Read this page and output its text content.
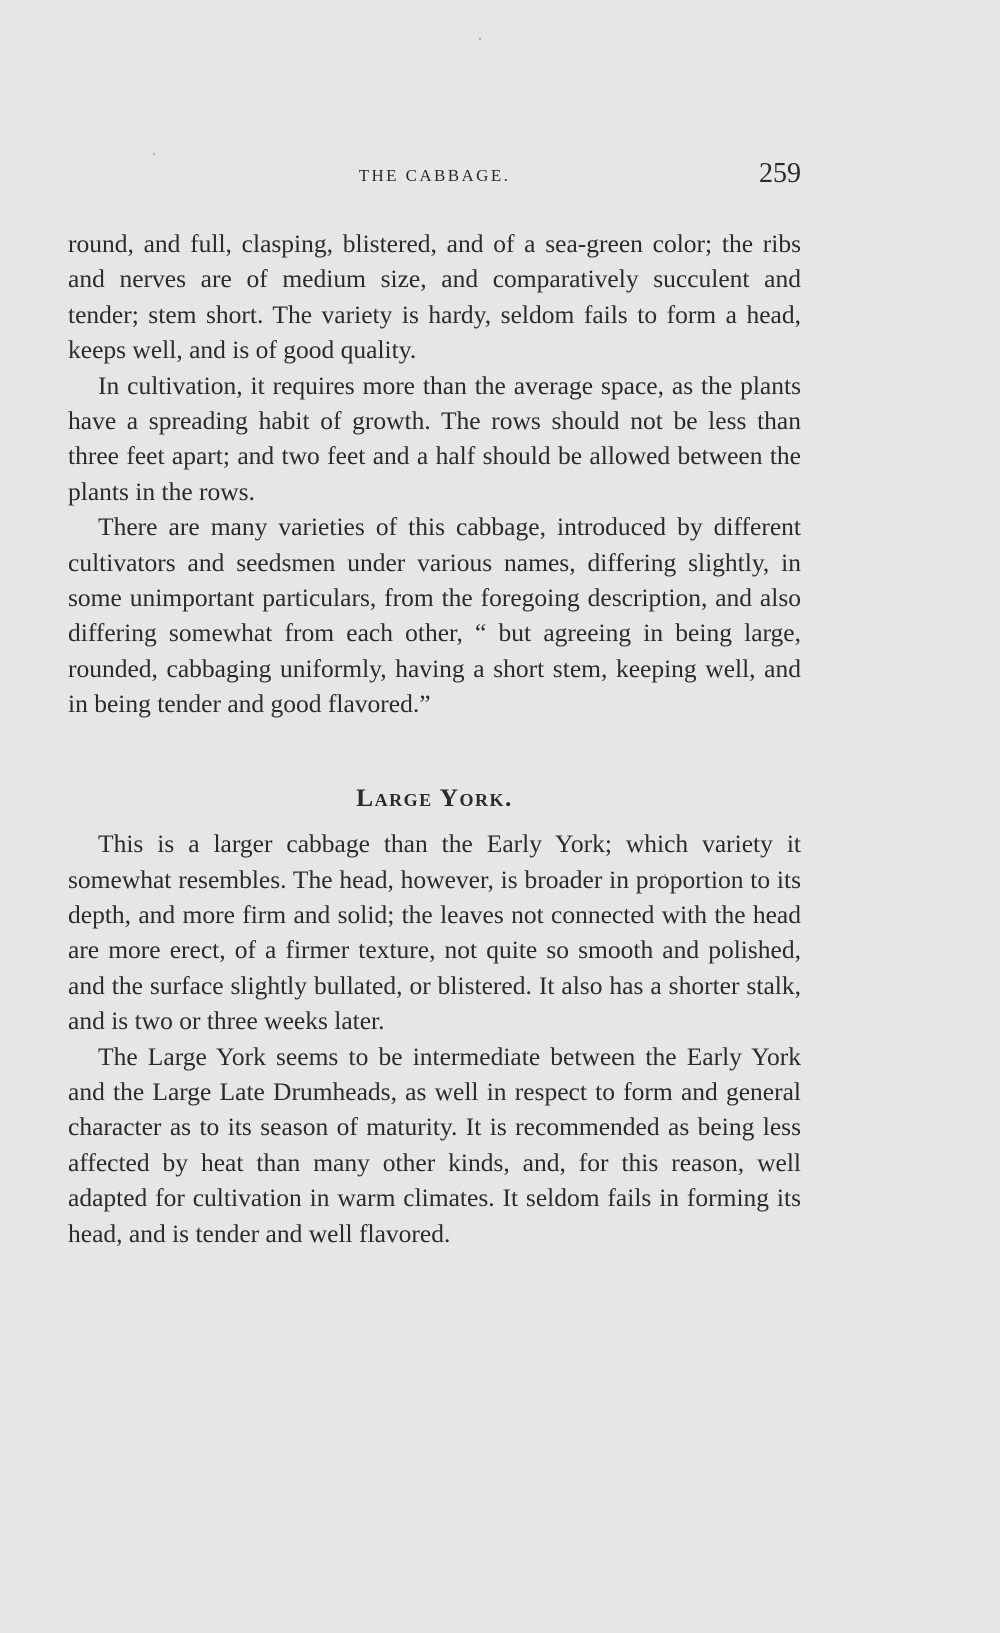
THE CABBAGE.	259

round, and full, clasping, blistered, and of a sea-green color; the ribs and nerves are of medium size, and comparatively succulent and tender; stem short. The variety is hardy, seldom fails to form a head, keeps well, and is of good quality.

In cultivation, it requires more than the average space, as the plants have a spreading habit of growth. The rows should not be less than three feet apart; and two feet and a half should be allowed between the plants in the rows.

There are many varieties of this cabbage, introduced by different cultivators and seedsmen under various names, differing slightly, in some unimportant particulars, from the foregoing description, and also differing somewhat from each other, “ but agreeing in being large, rounded, cabbaging uniformly, having a short stem, keeping well, and in being tender and good flavored.”

Large York.

This is a larger cabbage than the Early York; which variety it somewhat resembles. The head, however, is broader in proportion to its depth, and more firm and solid; the leaves not connected with the head are more erect, of a firmer texture, not quite so smooth and polished, and the surface slightly bullated, or blistered. It also has a shorter stalk, and is two or three weeks later.

The Large York seems to be intermediate between the Early York and the Large Late Drumheads, as well in respect to form and general character as to its season of maturity. It is recommended as being less affected by heat than many other kinds, and, for this reason, well adapted for cultivation in warm climates. It seldom fails in forming its head, and is tender and well flavored.
